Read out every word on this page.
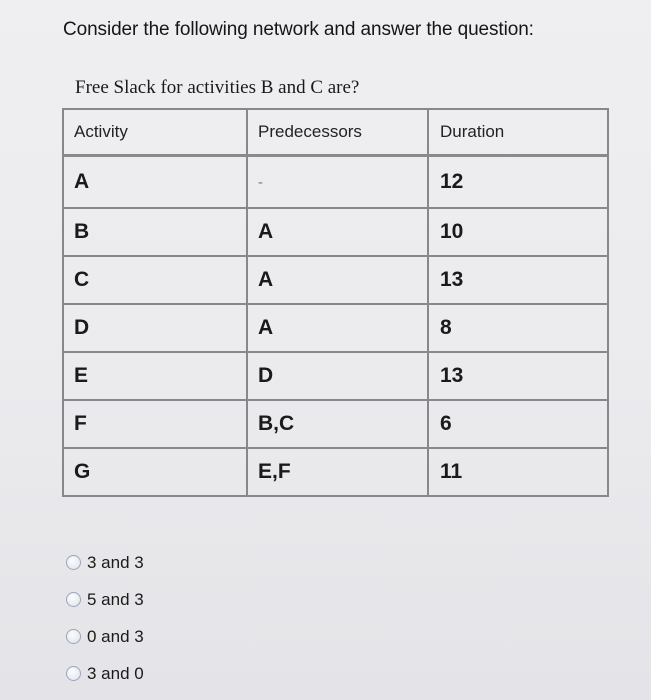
Consider the following network and answer the question:
Free Slack for activities B and C are?
Activity	Predecessors	Duration
A	-	12
B	A	10
C	A	13
D	A	8
E	D	13
F	B,C	6
G	E,F	11
3 and 3
5 and 3
0 and 3
3 and 0
